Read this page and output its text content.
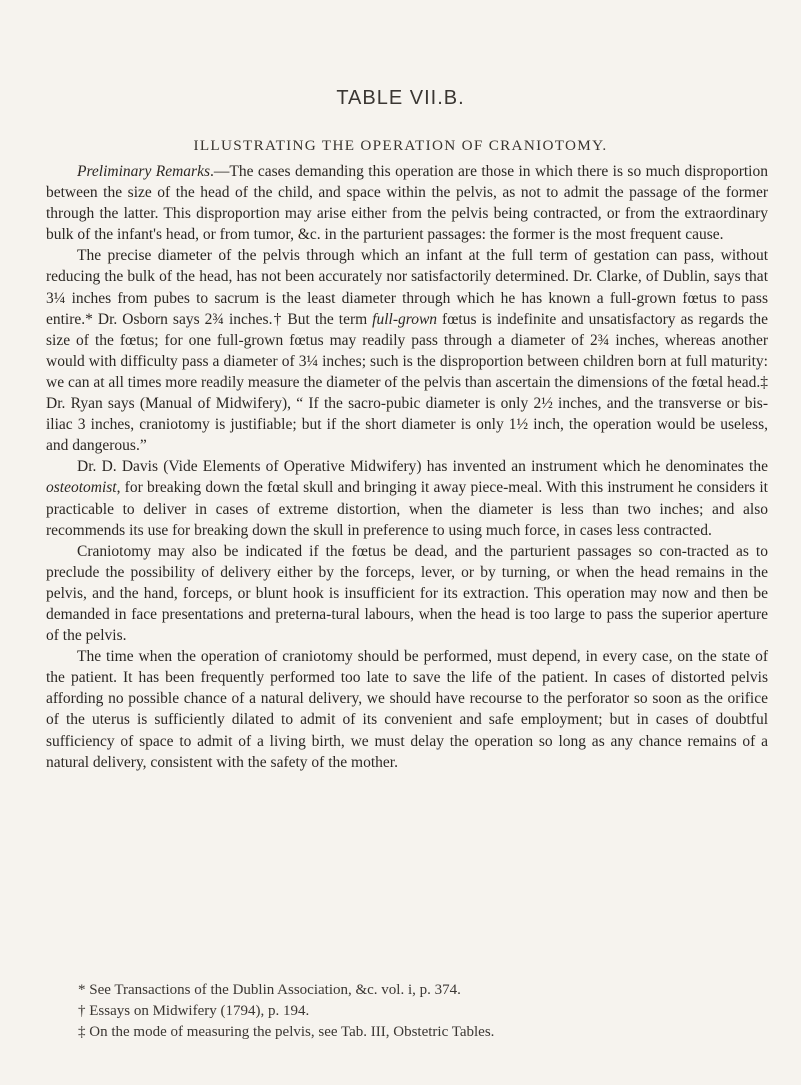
TABLE VII.B.
ILLUSTRATING THE OPERATION OF CRANIOTOMY.

Preliminary Remarks.—The cases demanding this operation are those in which there is so much disproportion between the size of the head of the child, and space within the pelvis, as not to admit the passage of the former through the latter. This disproportion may arise either from the pelvis being contracted, or from the extraordinary bulk of the infant's head, or from tumor, &c. in the parturient passages: the former is the most frequent cause.

The precise diameter of the pelvis through which an infant at the full term of gestation can pass, without reducing the bulk of the head, has not been accurately nor satisfactorily determined. Dr. Clarke, of Dublin, says that 3¼ inches from pubes to sacrum is the least diameter through which he has known a full-grown fœtus to pass entire.* Dr. Osborn says 2¾ inches.† But the term full-grown fœtus is indefinite and unsatisfactory as regards the size of the fœtus; for one full-grown fœtus may readily pass through a diameter of 2¾ inches, whereas another would with difficulty pass a diameter of 3¼ inches; such is the disproportion between children born at full maturity: we can at all times more readily measure the diameter of the pelvis than ascertain the dimensions of the fœtal head.‡ Dr. Ryan says (Manual of Midwifery), “ If the sacro-pubic diameter is only 2½ inches, and the transverse or bis-iliac 3 inches, craniotomy is justifiable; but if the short diameter is only 1½ inch, the operation would be useless, and dangerous.”

Dr. D. Davis (Vide Elements of Operative Midwifery) has invented an instrument which he denominates the osteotomist, for breaking down the fœtal skull and bringing it away piece-meal. With this instrument he considers it practicable to deliver in cases of extreme distortion, when the diameter is less than two inches; and also recommends its use for breaking down the skull in preference to using much force, in cases less contracted.

Craniotomy may also be indicated if the fœtus be dead, and the parturient passages so con-tracted as to preclude the possibility of delivery either by the forceps, lever, or by turning, or when the head remains in the pelvis, and the hand, forceps, or blunt hook is insufficient for its extraction. This operation may now and then be demanded in face presentations and preterna-tural labours, when the head is too large to pass the superior aperture of the pelvis.

The time when the operation of craniotomy should be performed, must depend, in every case, on the state of the patient. It has been frequently performed too late to save the life of the patient. In cases of distorted pelvis affording no possible chance of a natural delivery, we should have recourse to the perforator so soon as the orifice of the uterus is sufficiently dilated to admit of its convenient and safe employment; but in cases of doubtful sufficiency of space to admit of a living birth, we must delay the operation so long as any chance remains of a natural delivery, consistent with the safety of the mother.

* See Transactions of the Dublin Association, &c. vol. i, p. 374.

† Essays on Midwifery (1794), p. 194.

‡ On the mode of measuring the pelvis, see Tab. III, Obstetric Tables.
